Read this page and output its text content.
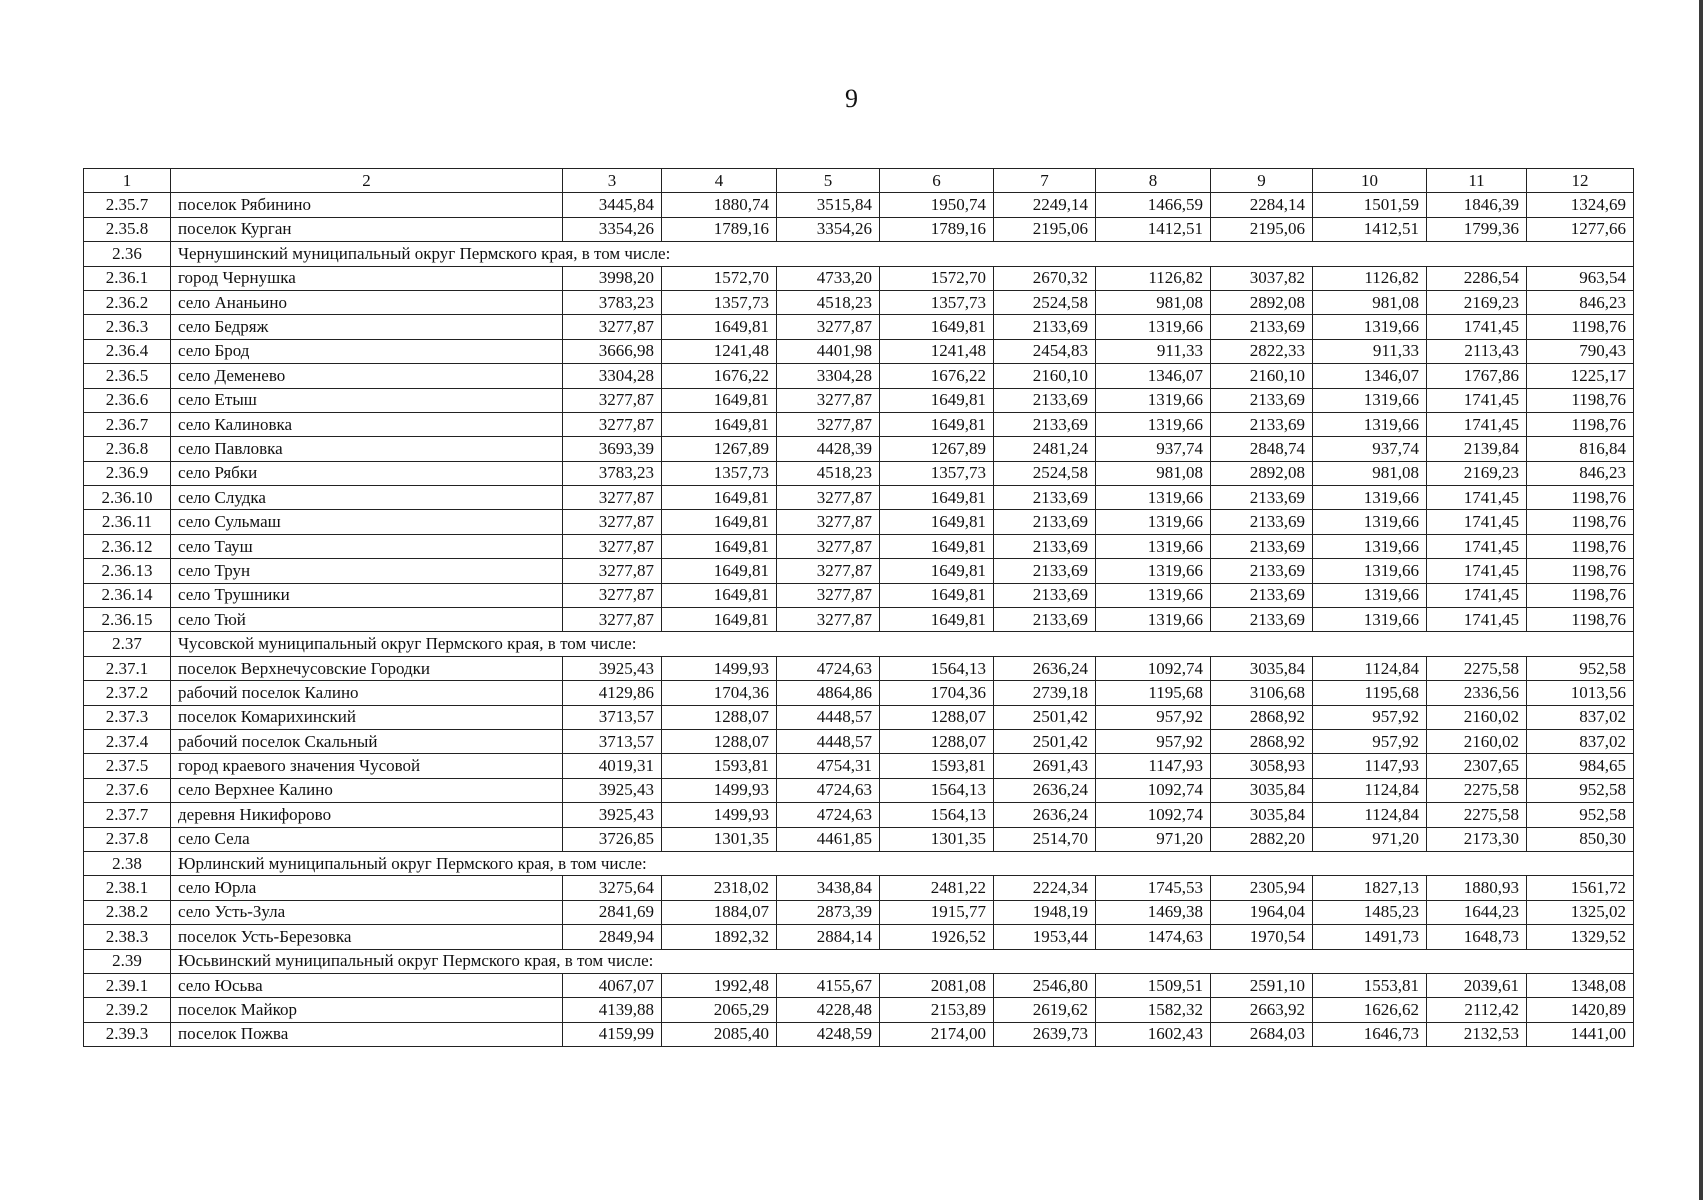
9
1	2	3	4	5	6	7	8	9	10	11	12
2.35.7	поселок Рябинино	3445,84	1880,74	3515,84	1950,74	2249,14	1466,59	2284,14	1501,59	1846,39	1324,69
2.35.8	поселок Курган	3354,26	1789,16	3354,26	1789,16	2195,06	1412,51	2195,06	1412,51	1799,36	1277,66
2.36	Чернушинский муниципальный округ Пермского края, в том числе:										
2.36.1	город Чернушка	3998,20	1572,70	4733,20	1572,70	2670,32	1126,82	3037,82	1126,82	2286,54	963,54
2.36.2	село Ананьино	3783,23	1357,73	4518,23	1357,73	2524,58	981,08	2892,08	981,08	2169,23	846,23
2.36.3	село Бедряж	3277,87	1649,81	3277,87	1649,81	2133,69	1319,66	2133,69	1319,66	1741,45	1198,76
2.36.4	село Брод	3666,98	1241,48	4401,98	1241,48	2454,83	911,33	2822,33	911,33	2113,43	790,43
2.36.5	село Деменево	3304,28	1676,22	3304,28	1676,22	2160,10	1346,07	2160,10	1346,07	1767,86	1225,17
2.36.6	село Етыш	3277,87	1649,81	3277,87	1649,81	2133,69	1319,66	2133,69	1319,66	1741,45	1198,76
2.36.7	село Калиновка	3277,87	1649,81	3277,87	1649,81	2133,69	1319,66	2133,69	1319,66	1741,45	1198,76
2.36.8	село Павловка	3693,39	1267,89	4428,39	1267,89	2481,24	937,74	2848,74	937,74	2139,84	816,84
2.36.9	село Рябки	3783,23	1357,73	4518,23	1357,73	2524,58	981,08	2892,08	981,08	2169,23	846,23
2.36.10	село Слудка	3277,87	1649,81	3277,87	1649,81	2133,69	1319,66	2133,69	1319,66	1741,45	1198,76
2.36.11	село Сульмаш	3277,87	1649,81	3277,87	1649,81	2133,69	1319,66	2133,69	1319,66	1741,45	1198,76
2.36.12	село Тауш	3277,87	1649,81	3277,87	1649,81	2133,69	1319,66	2133,69	1319,66	1741,45	1198,76
2.36.13	село Трун	3277,87	1649,81	3277,87	1649,81	2133,69	1319,66	2133,69	1319,66	1741,45	1198,76
2.36.14	село Трушники	3277,87	1649,81	3277,87	1649,81	2133,69	1319,66	2133,69	1319,66	1741,45	1198,76
2.36.15	село Тюй	3277,87	1649,81	3277,87	1649,81	2133,69	1319,66	2133,69	1319,66	1741,45	1198,76
2.37	Чусовской муниципальный округ Пермского края, в том числе:										
2.37.1	поселок Верхнечусовские Городки	3925,43	1499,93	4724,63	1564,13	2636,24	1092,74	3035,84	1124,84	2275,58	952,58
2.37.2	рабочий поселок Калино	4129,86	1704,36	4864,86	1704,36	2739,18	1195,68	3106,68	1195,68	2336,56	1013,56
2.37.3	поселок Комарихинский	3713,57	1288,07	4448,57	1288,07	2501,42	957,92	2868,92	957,92	2160,02	837,02
2.37.4	рабочий поселок Скальный	3713,57	1288,07	4448,57	1288,07	2501,42	957,92	2868,92	957,92	2160,02	837,02
2.37.5	город краевого значения Чусовой	4019,31	1593,81	4754,31	1593,81	2691,43	1147,93	3058,93	1147,93	2307,65	984,65
2.37.6	село Верхнее Калино	3925,43	1499,93	4724,63	1564,13	2636,24	1092,74	3035,84	1124,84	2275,58	952,58
2.37.7	деревня Никифорово	3925,43	1499,93	4724,63	1564,13	2636,24	1092,74	3035,84	1124,84	2275,58	952,58
2.37.8	село Села	3726,85	1301,35	4461,85	1301,35	2514,70	971,20	2882,20	971,20	2173,30	850,30
2.38	Юрлинский муниципальный округ Пермского края, в том числе:										
2.38.1	село Юрла	3275,64	2318,02	3438,84	2481,22	2224,34	1745,53	2305,94	1827,13	1880,93	1561,72
2.38.2	село Усть-Зула	2841,69	1884,07	2873,39	1915,77	1948,19	1469,38	1964,04	1485,23	1644,23	1325,02
2.38.3	поселок Усть-Березовка	2849,94	1892,32	2884,14	1926,52	1953,44	1474,63	1970,54	1491,73	1648,73	1329,52
2.39	Юсьвинский муниципальный округ Пермского края, в том числе:										
2.39.1	село Юсьва	4067,07	1992,48	4155,67	2081,08	2546,80	1509,51	2591,10	1553,81	2039,61	1348,08
2.39.2	поселок Майкор	4139,88	2065,29	4228,48	2153,89	2619,62	1582,32	2663,92	1626,62	2112,42	1420,89
2.39.3	поселок Пожва	4159,99	2085,40	4248,59	2174,00	2639,73	1602,43	2684,03	1646,73	2132,53	1441,00
